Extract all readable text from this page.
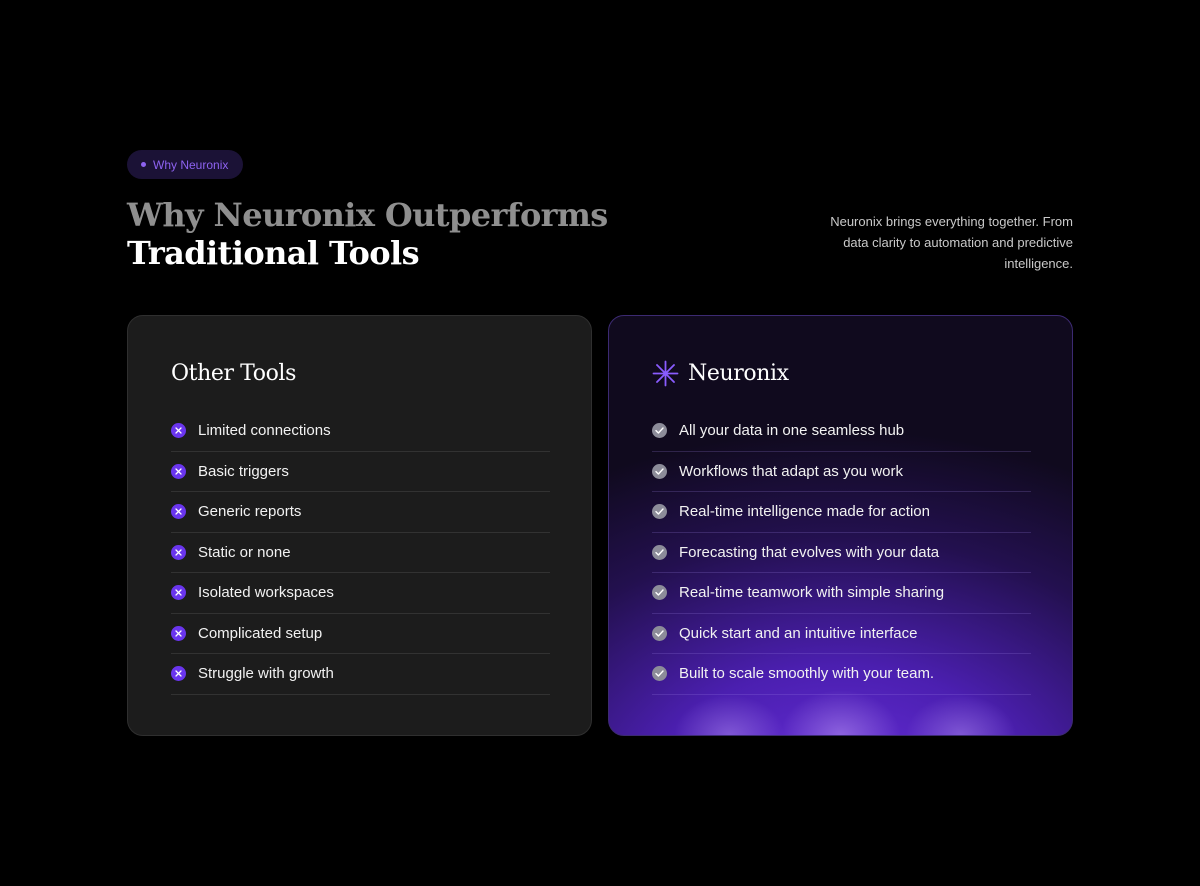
Why Neuronix
Why Neuronix Outperforms
Traditional Tools

Neuronix brings everything together. From data clarity to automation and predictive intelligence.

Other Tools
Limited connections
Basic triggers
Generic reports
Static or none
Isolated workspaces
Complicated setup
Struggle with growth
Neuronix
All your data in one seamless hub
Workflows that adapt as you work
Real-time intelligence made for action
Forecasting that evolves with your data
Real-time teamwork with simple sharing
Quick start and an intuitive interface
Built to scale smoothly with your team.
